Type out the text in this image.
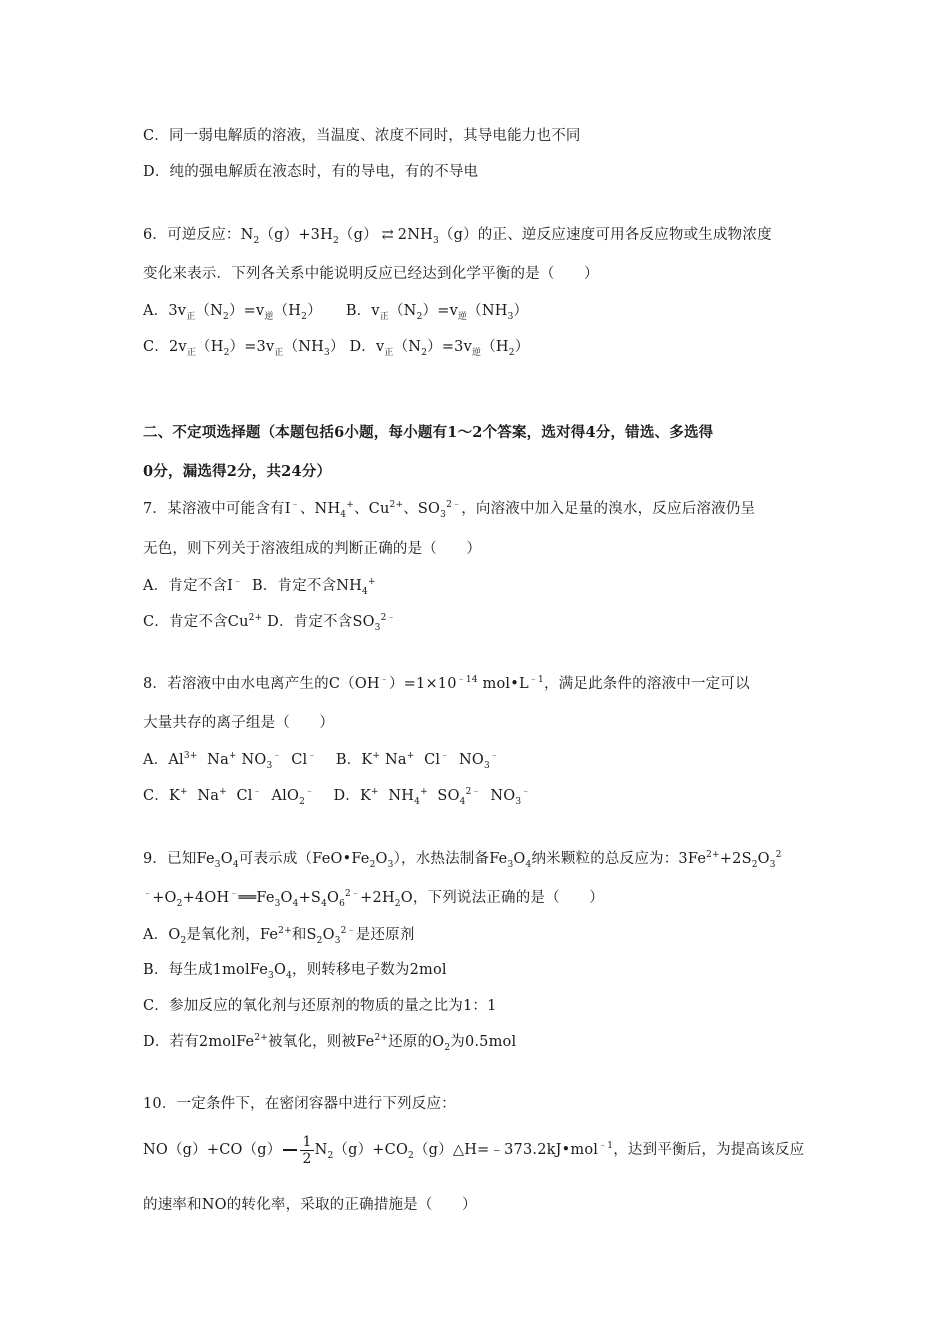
C．同一弱电解质的溶液，当温度、浓度不同时，其导电能力也不同
D．纯的强电解质在液态时，有的导电，有的不导电
6．可逆反应：$N_2(g)+3H_2(g)$ ⇄ $2NH_3(g)$的正、逆反应速度可用各反应物或生成物浓度
变化来表示．下列各关系中能说明反应已经达到化学平衡的是（　　）
A．$3v_正(N_2)=v_逆(H_2)$ B．$v_正(N_2)=v_逆(NH_3)$
C．$2v_正(H_2)=3v_正(NH_3)$ D．$v_正(N_2)=3v_逆(H_2)$
二、不定项选择题（本题包括6小题，每小题有1～2个答案，选对得4分，错选、多选得
0分，漏选得2分，共24分）
7．某溶液中可能含有I﹣、$NH_4^+$、$Cu^{2+}$、$SO_3^{2﹣}$，向溶液中加入足量的溴水，反应后溶液仍呈
无色，则下列关于溶液组成的判断正确的是（　　）
A．肯定不含I﹣ B．肯定不含$NH_4^+$
C．肯定不含$Cu^{2+}$ D．肯定不含$SO_3^{2﹣}$
8．若溶液中由水电离产生的$C(OH^﹣)=1\times 10^{﹣14}$ $mol•L^{﹣1}$，满足此条件的溶液中一定可以
大量共存的离子组是（　　）
A．$Al^{3+}$  Na+ $NO_3^﹣$  Cl﹣    B．K+ Na+  Cl﹣  $NO_3^﹣$
C．K+  Na+  Cl﹣  AlO$_2$﹣    D．K+  $NH_4^+$  $SO_4^{2﹣}$  $NO_3^﹣$
9．已知$Fe_3O_4$可表示成$(FeO•Fe_2O_3)$，水热法制备$Fe_3O_4$纳米颗粒的总反应为：$3Fe^{2+}+2S_2O_3^2$
$^﹣+O_2+4OH^﹣══Fe_3O_4+S_4O_6^{2﹣}+2H_2O$，下列说法正确的是（　　）
A．$O_2$是氧化剂，$Fe^{2+}$和$S_2O_3^{2﹣}$是还原剂
B．每生成$1molFe_3O_4$，则转移电子数为2mol
C．参加反应的氧化剂与还原剂的物质的量之比为1：1
D．若有2molFe$^{2+}$被氧化，则被$Fe^{2+}$还原的$O_2$为0.5mol
10．一定条件下，在密闭容器中进行下列反应：
$NO(g)+CO(g) \frac{1}{2}$ $N_2(g)+CO_2(g)\triangle H=﹣373.2kJ•mol^{﹣1}$，达到平衡后，为提高该反应
的速率和NO的转化率，采取的正确措施是（　　）
